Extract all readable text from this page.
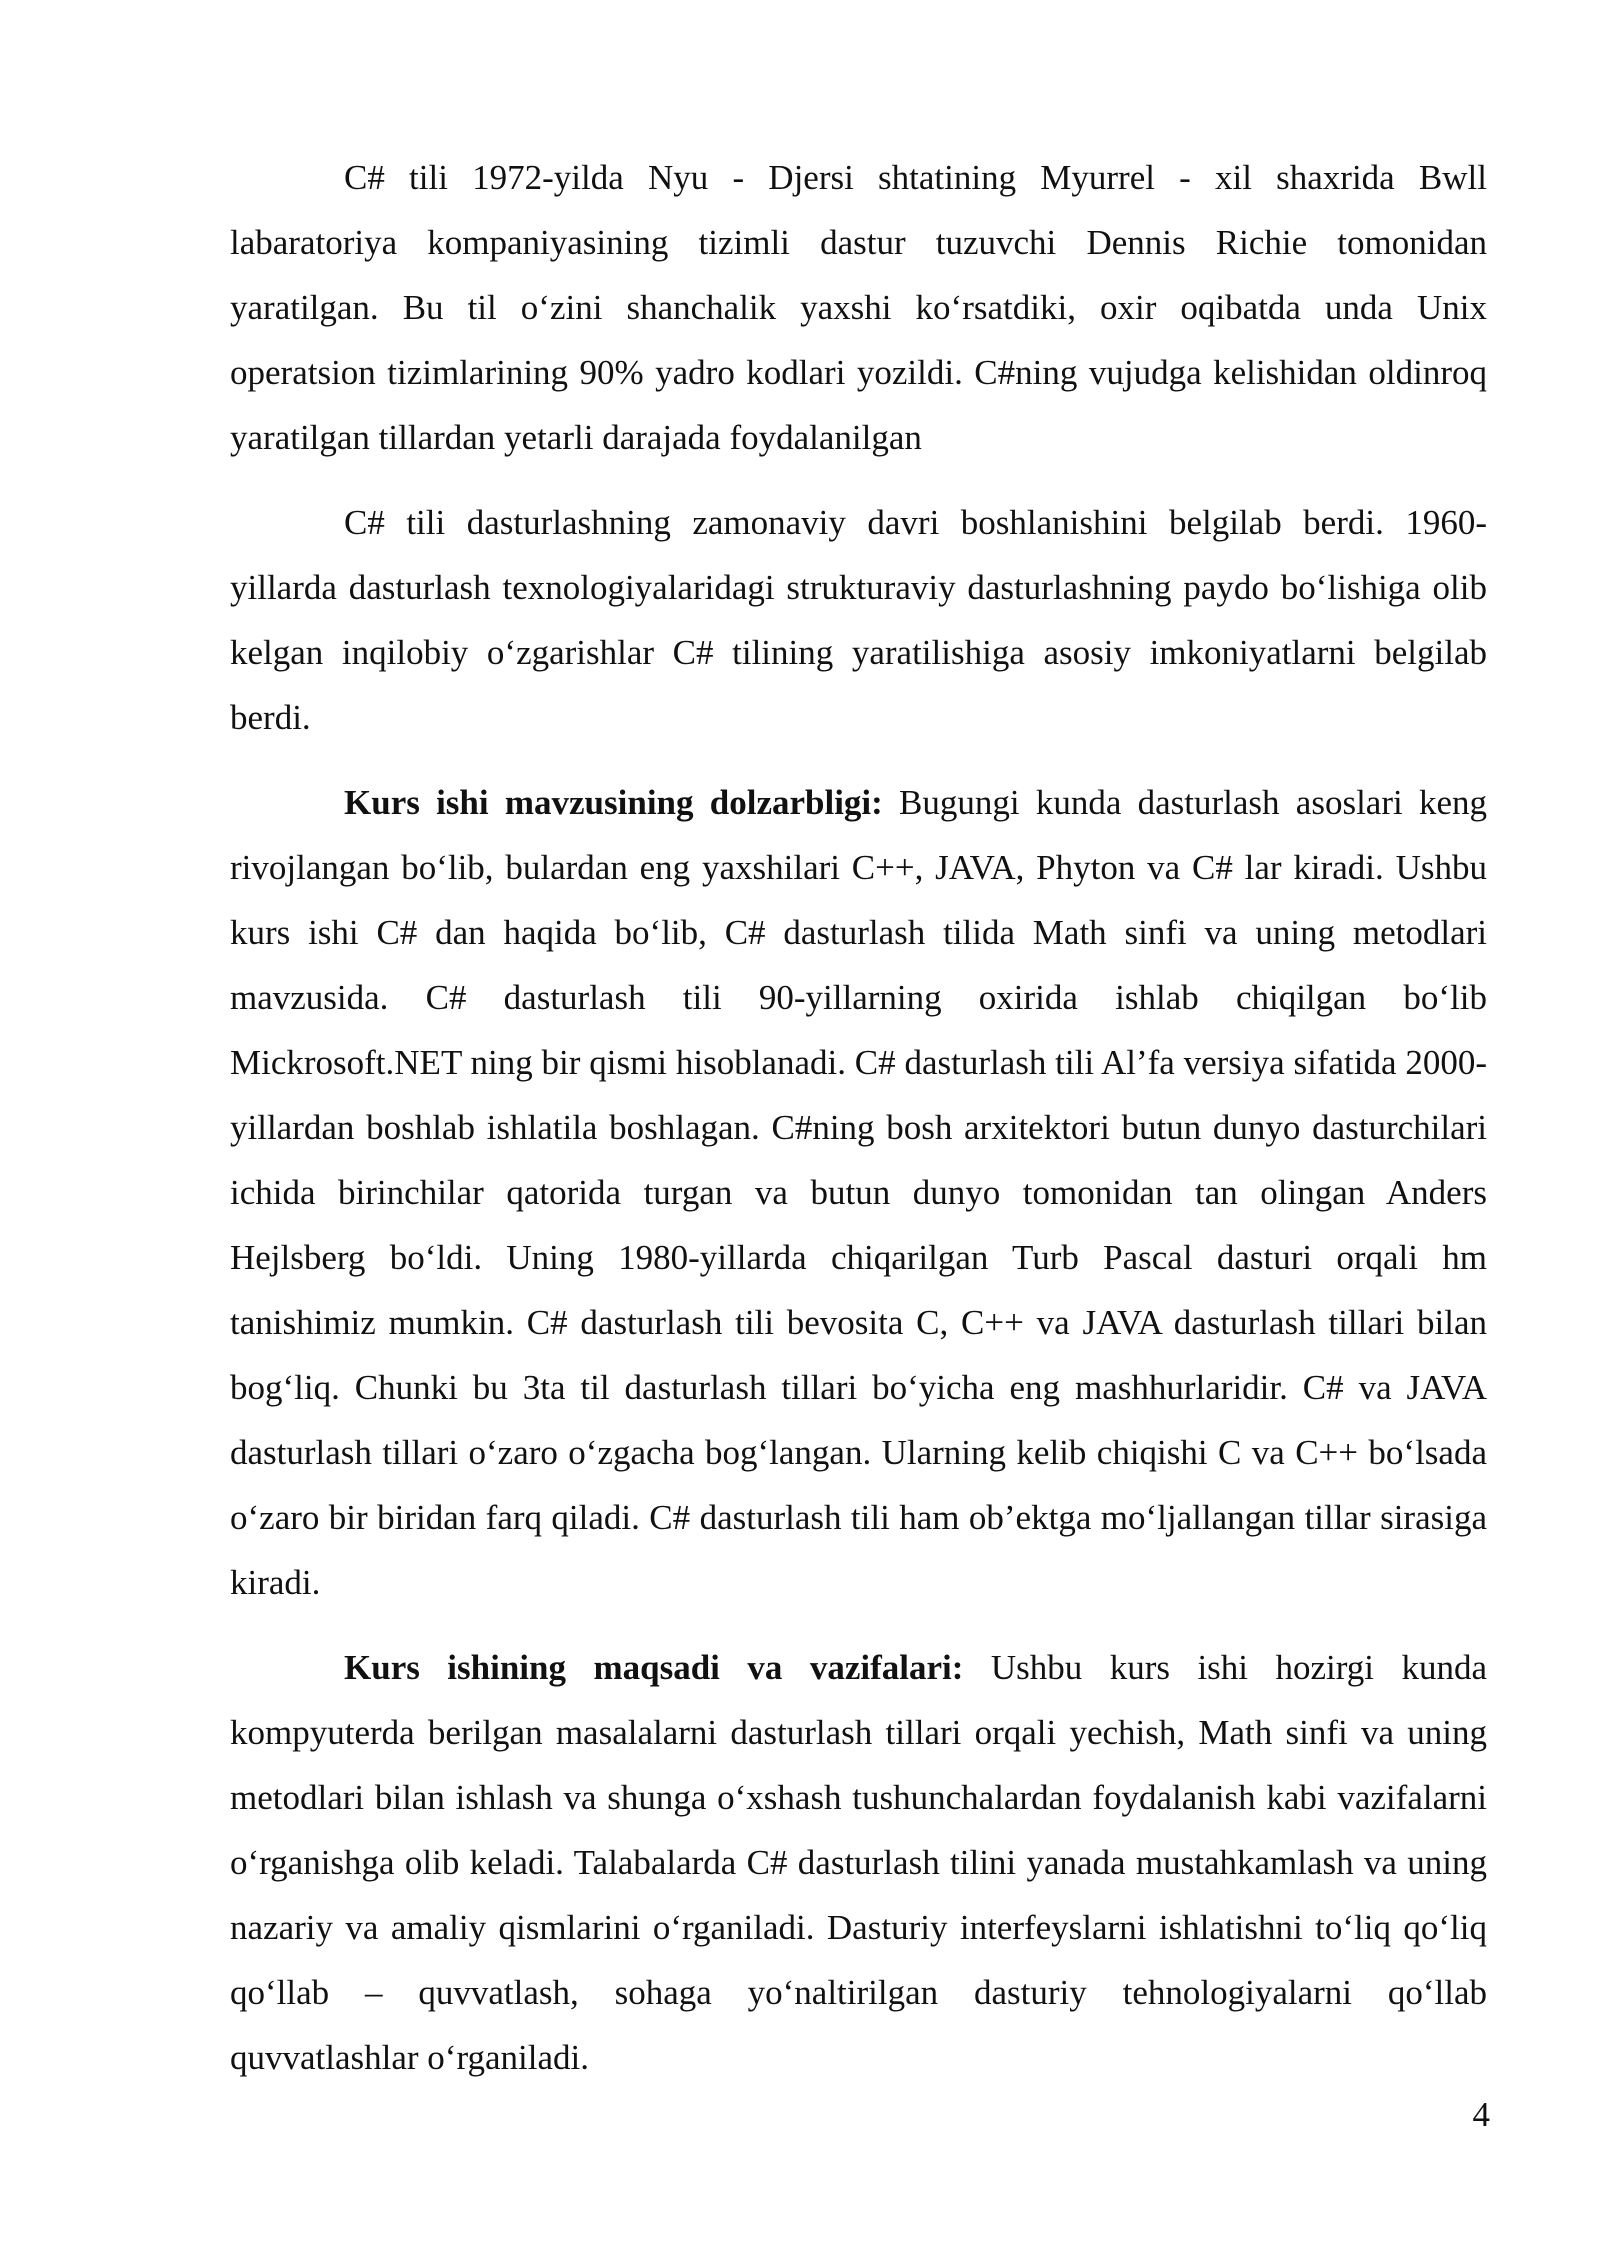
C# tili 1972-yilda Nyu - Djersi shtatining Myurrel - xil shaxrida Bwll labaratoriya kompaniyasining tizimli dastur tuzuvchi Dennis Richie tomonidan yaratilgan. Bu til o‘zini shanchalik yaxshi ko‘rsatdiki, oxir oqibatda unda Unix operatsion tizimlarining 90% yadro kodlari yozildi. C#ning vujudga kelishidan oldinroq yaratilgan tillardan yetarli darajada foydalanilgan

C# tili dasturlashning zamonaviy davri boshlanishini belgilab berdi. 1960-yillarda dasturlash texnologiyalaridagi strukturaviy dasturlashning paydo bo‘lishiga olib kelgan inqilobiy o‘zgarishlar C# tilining yaratilishiga asosiy imkoniyatlarni belgilab berdi.

Kurs ishi mavzusining dolzarbligi: Bugungi kunda dasturlash asoslari keng rivojlangan bo‘lib, bulardan eng yaxshilari C++, JAVA, Phyton va C# lar kiradi. Ushbu kurs ishi C# dan haqida bo‘lib, C# dasturlash tilida Math sinfi va uning metodlari mavzusida. C# dasturlash tili 90-yillarning oxirida ishlab chiqilgan bo‘lib Mickrosoft.NET ning bir qismi hisoblanadi. C# dasturlash tili Al’fa versiya sifatida 2000-yillardan boshlab ishlatila boshlagan. C#ning bosh arxitektori butun dunyo dasturchilari ichida birinchilar qatorida turgan va butun dunyo tomonidan tan olingan Anders Hejlsberg bo‘ldi. Uning 1980-yillarda chiqarilgan Turb Pascal dasturi orqali hm tanishimiz mumkin. C# dasturlash tili bevosita C, C++ va JAVA dasturlash tillari bilan bog‘liq. Chunki bu 3ta til dasturlash tillari bo‘yicha eng mashhurlaridir. C# va JAVA dasturlash tillari o‘zaro o‘zgacha bog‘langan. Ularning kelib chiqishi C va C++ bo‘lsada o‘zaro bir biridan farq qiladi. C# dasturlash tili ham ob’ektga mo‘ljallangan tillar sirasiga kiradi.

Kurs ishining maqsadi va vazifalari: Ushbu kurs ishi hozirgi kunda kompyuterda berilgan masalalarni dasturlash tillari orqali yechish, Math sinfi va uning metodlari bilan ishlash va shunga o‘xshash tushunchalardan foydalanish kabi vazifalarni o‘rganishga olib keladi. Talabalarda C# dasturlash tilini yanada mustahkamlash va uning nazariy va amaliy qismlarini o‘rganiladi. Dasturiy interfeyslarni ishlatishni to‘liq qo‘liq qo‘llab – quvvatlash, sohaga yo‘naltirilgan dasturiy tehnologiyalarni qo‘llab quvvatlashlar o‘rganiladi.

4
